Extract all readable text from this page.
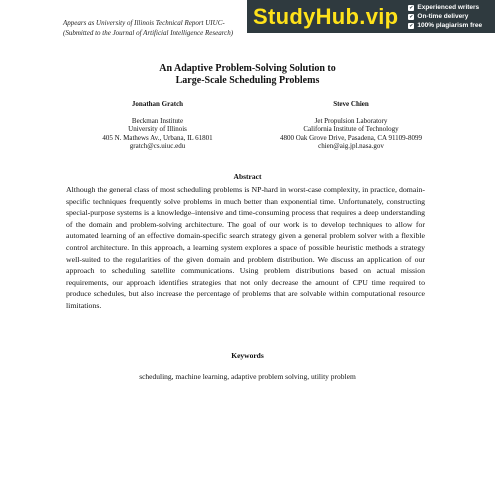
Appears as University of Illinois Technical Report UIUC-
(Submitted to the Journal of Artificial Intelligence Research)
StudyHub.vip ✔ Experienced writers
✔ On-time delivery
✔ 100% plagiarism free
An Adaptive Problem-Solving Solution to
Large-Scale Scheduling Problems
Jonathan Gratch
Beckman Institute
University of Illinois
405 N. Mathews Av., Urbana, IL 61801
gratch@cs.uiuc.edu
Steve Chien
Jet Propulsion Laboratory
California Institute of Technology
4800 Oak Grove Drive, Pasadena, CA 91109-8099
chien@aig.jpl.nasa.gov
Abstract
Although the general class of most scheduling problems is NP-hard in worst-case complexity, in practice, domain-specific techniques frequently solve problems in much better than exponential time. Unfortunately, constructing special-purpose systems is a knowledge–intensive and time-consuming process that requires a deep understanding of the domain and problem-solving architecture. The goal of our work is to develop techniques to allow for automated learning of an effective domain-specific search strategy given a general problem solver with a flexible control architecture. In this approach, a learning system explores a space of possible heuristic methods a strategy well-suited to the regularities of the given domain and problem distribution. We discuss an application of our approach to scheduling satellite communications. Using problem distributions based on actual mission requirements, our approach identifies strategies that not only decrease the amount of CPU time required to produce schedules, but also increase the percentage of problems that are solvable within computational resource limitations.
Keywords
scheduling, machine learning, adaptive problem solving, utility problem
